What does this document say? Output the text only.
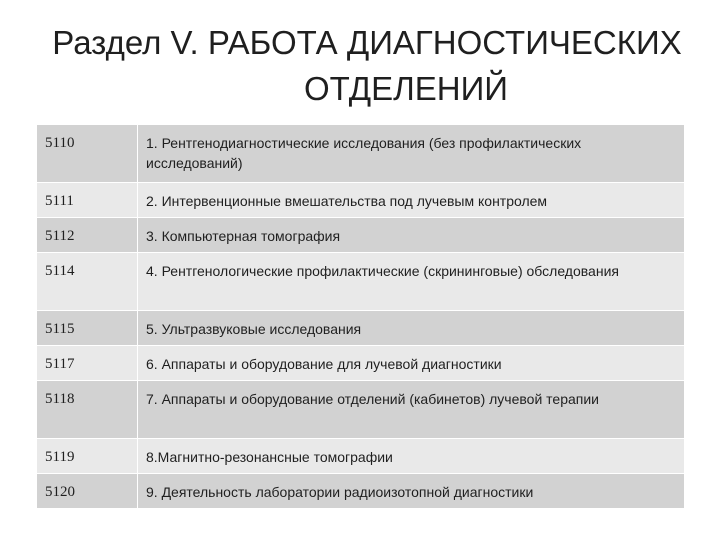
Раздел V. РАБОТА ДИАГНОСТИЧЕСКИХ
ОТДЕЛЕНИЙ
5110	1. Рентгенодиагностические исследования (без профилактических исследований)
5111	2. Интервенционные вмешательства под лучевым контролем
5112	3. Компьютерная томография
5114	4. Рентгенологические профилактические (скрининговые) обследования
5115	5. Ультразвуковые исследования
5117	6. Аппараты и оборудование для лучевой диагностики
5118	7. Аппараты и оборудование отделений (кабинетов) лучевой терапии
5119	8.Магнитно-резонансные томографии
5120	9. Деятельность лаборатории радиоизотопной диагностики
